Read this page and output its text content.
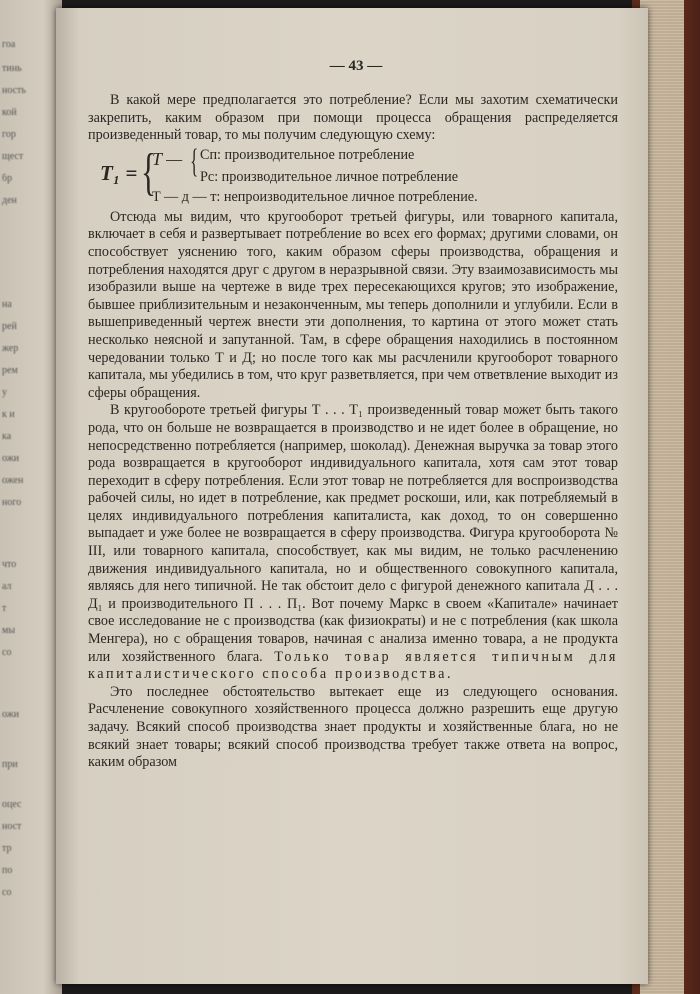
гоа
тинь
ность
кой
гор
щест
бр
ден
на
рей
жер
рем
у
к и
ка
ожи
ожен
ного
что
ал
т
мы
со
ожи
при
оцес
ност
тр
по
со
— 43 —

В какой мере предполагается это потребление? Если мы захотим схематически закрепить, каким образом при помощи процесса обращения распределяется произведенный товар, то мы получим следующую схему:

T₁ = {
T — { Сп: производительное потребление
Рс: производительное личное потребление
T — д — т: непроизводительное личное потребление.

Отсюда мы видим, что кругооборот третьей фигуры, или товарного капитала, включает в себя и развертывает потребление во всех его формах; другими словами, он способствует уяснению того, каким образом сферы производства, обращения и потребления находятся друг с другом в неразрывной связи. Эту взаимозависимость мы изобразили выше на чертеже в виде трех пересекающихся кругов; это изображение, бывшее приблизительным и незаконченным, мы теперь дополнили и углубили. Если в вышеприведенный чертеж внести эти дополнения, то картина от этого может стать несколько неясной и запутанной. Там, в сфере обращения находились в постоянном чередовании только Т и Д; но после того как мы расчленили кругооборот товарного капитала, мы убедились в том, что круг разветвляется, при чем ответвление выходит из сферы обращения.

В кругообороте третьей фигуры Т . . . Т₁ произведенный товар может быть такого рода, что он больше не возвращается в производство и не идет более в обращение, но непосредственно потребляется (например, шоколад). Денежная выручка за товар этого рода возвращается в кругооборот индивидуального капитала, хотя сам этот товар переходит в сферу потребления. Если этот товар не потребляется для воспроизводства рабочей силы, но идет в потребление, как предмет роскоши, или, как потребляемый в целях индивидуального потребления капиталиста, как доход, то он совершенно выпадает и уже более не возвращается в сферу производства. Фигура кругооборота № III, или товарного капитала, способствует, как мы видим, не только расчленению движения индивидуального капитала, но и общественного совокупного капитала, являясь для него типичной. Не так обстоит дело с фигурой денежного капитала Д . . . Д₁ и производительного П . . . П₁. Вот почему Маркс в своем «Капитале» начинает свое исследование не с производства (как физиократы) и не с потребления (как школа Менгера), но с обращения товаров, начиная с анализа именно товара, а не продукта или хозяйственного блага. Только товар является типичным для капиталистического способа производства.

Это последнее обстоятельство вытекает еще из следующего основания. Расчленение совокупного хозяйственного процесса должно разрешить еще другую задачу. Всякий способ производства знает продукты и хозяйственные блага, но не всякий знает товары; всякий способ производства требует также ответа на вопрос, каким образом
